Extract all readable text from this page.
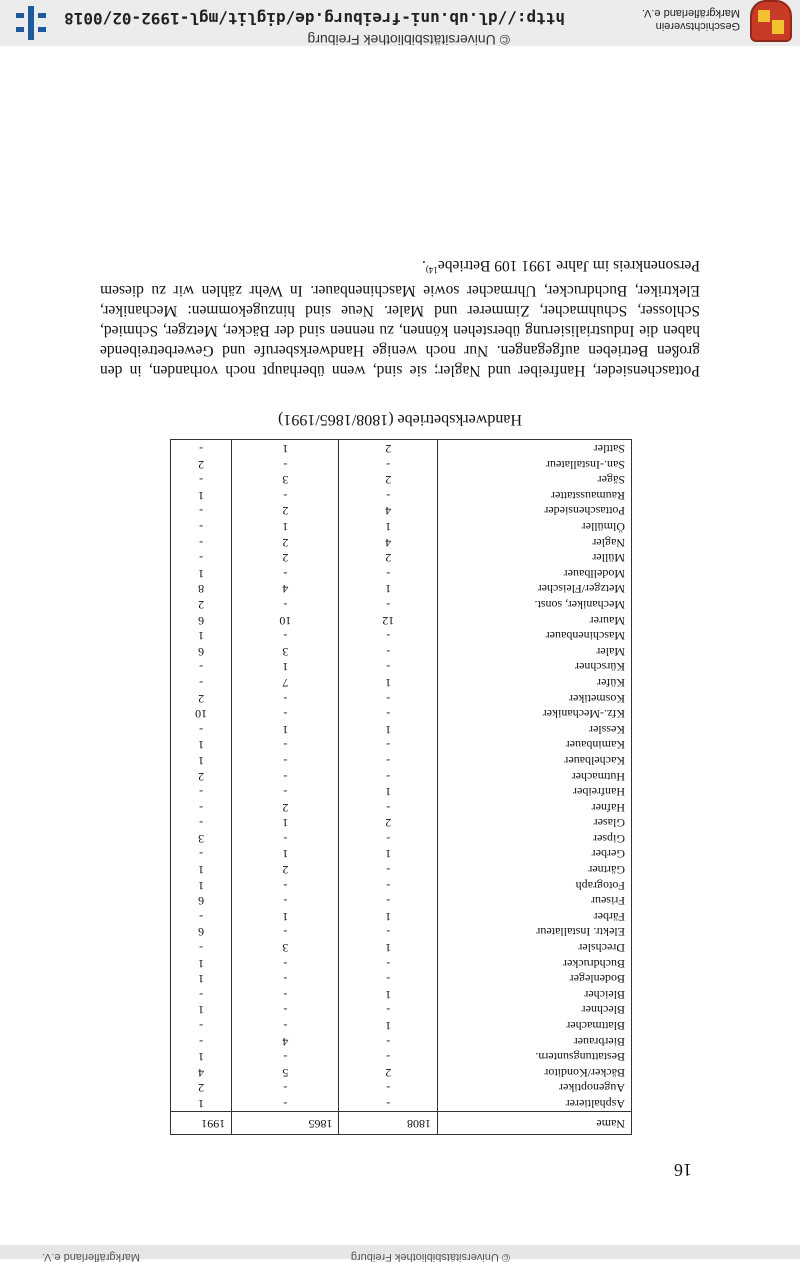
Geschichtsverein
Markgräflerland e.V.
© Universitätsbibliothek Freiburg
http://dl.ub.uni-freiburg.de/diglit/mgl-1992-02/0018
16
Name	1808	1865	1991
Asphaltierer	-	-	1
Augenoptiker	-	-	2
Bäcker/Konditor	2	5	4
Bestattungsuntern.	-	-	1
Bierbrauer	-	4	-
Blattmacher	1	-	-
Blechner	-	-	1
Bleicher	1	-	-
Bodenleger	-	-	1
Buchdrucker	-	-	1
Drechsler	1	3	-
Elektr. Installateur	-	-	6
Färber	1	1	-
Friseur	-	-	6
Fotograph	-	-	1
Gärtner	-	2	1
Gerber	1	1	-
Gipser	-	-	3
Glaser	2	1	-
Hafner	-	2	-
Hanfreiber	1	-	-
Hutmacher	-	-	2
Kachelbauer	-	-	1
Kaminbauer	-	-	1
Kessler	1	1	-
Kfz.-Mechaniker	-	-	10
Kosmetiker	-	-	2
Küfer	1	7	-
Kürschner	-	1	-
Maler	-	3	6
Maschinenbauer	-	-	1
Maurer	12	10	6
Mechaniker, sonst.	-	-	2
Metzger/Fleischer	1	4	8
Modellbauer	-	-	1
Müller	2	2	-
Nagler	4	2	-
Ölmüller	1	1	-
Pottaschensieder	4	2	-
Raumausstatter	-	-	1
Säger	2	3	-
San.-Installateur	-	-	2
Sattler	2	1	-
Handwerksbetriebe (1808/1865/1991)
Pottaschensieder, Hanfreiber und Nagler; sie sind, wenn überhaupt noch vorhanden, in den großen Betrieben aufgegangen. Nur noch wenige Handwerksberufe und Gewerbetreibende haben die Industrialisierung überstehen können, zu nennen sind der Bäcker, Metzger, Schmied, Schlosser, Schuhmacher, Zimmerer und Maler. Neue sind hinzugekommen: Mechaniker, Elektriker, Buchdrucker, Uhrmacher sowie Maschinenbauer. In Wehr zählen wir zu diesem Personenkreis im Jahre 1991 109 Betriebe$^{14)}$.
© Universitätsbibliothek Freiburg
Markgräflerland e.V.
